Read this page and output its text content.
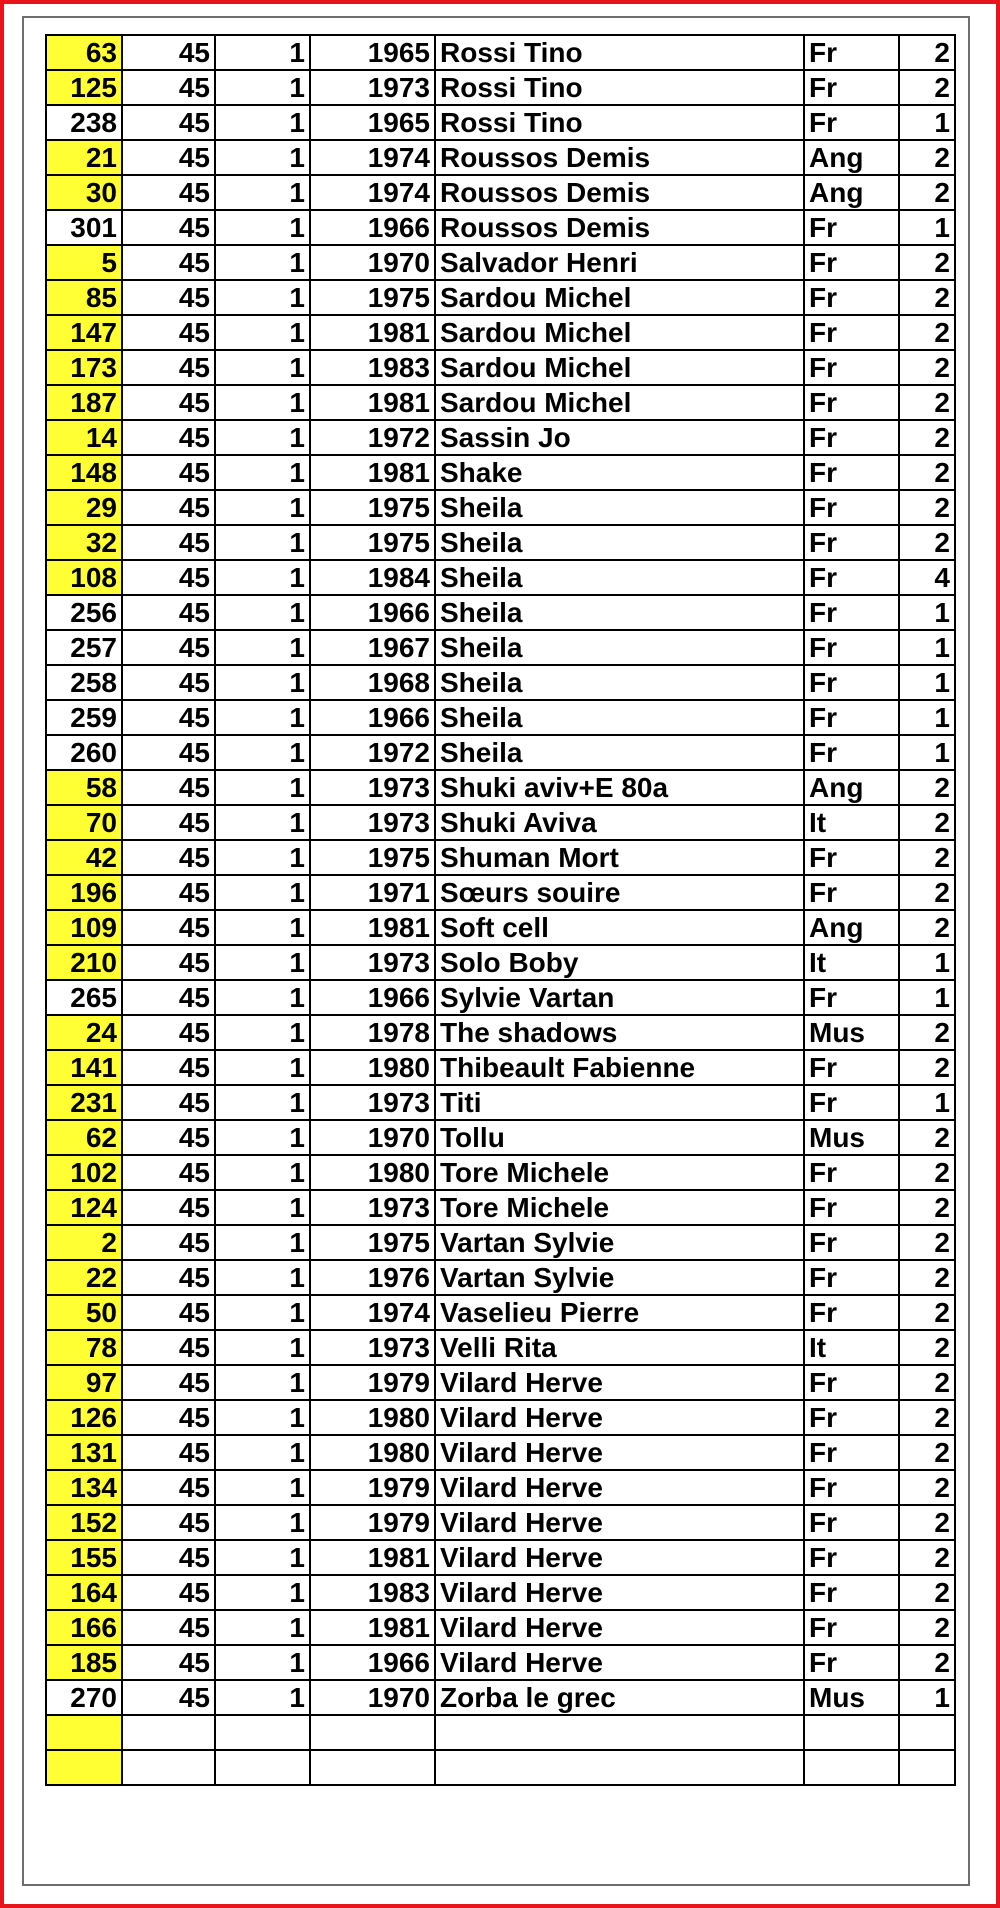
63	45	1	1965	Rossi Tino	Fr	2
125	45	1	1973	Rossi Tino	Fr	2
238	45	1	1965	Rossi Tino	Fr	1
21	45	1	1974	Roussos Demis	Ang	2
30	45	1	1974	Roussos Demis	Ang	2
301	45	1	1966	Roussos Demis	Fr	1
5	45	1	1970	Salvador Henri	Fr	2
85	45	1	1975	Sardou Michel	Fr	2
147	45	1	1981	Sardou Michel	Fr	2
173	45	1	1983	Sardou Michel	Fr	2
187	45	1	1981	Sardou Michel	Fr	2
14	45	1	1972	Sassin Jo	Fr	2
148	45	1	1981	Shake	Fr	2
29	45	1	1975	Sheila	Fr	2
32	45	1	1975	Sheila	Fr	2
108	45	1	1984	Sheila	Fr	4
256	45	1	1966	Sheila	Fr	1
257	45	1	1967	Sheila	Fr	1
258	45	1	1968	Sheila	Fr	1
259	45	1	1966	Sheila	Fr	1
260	45	1	1972	Sheila	Fr	1
58	45	1	1973	Shuki aviv+E 80a	Ang	2
70	45	1	1973	Shuki Aviva	It	2
42	45	1	1975	Shuman Mort	Fr	2
196	45	1	1971	Sœurs souire	Fr	2
109	45	1	1981	Soft cell	Ang	2
210	45	1	1973	Solo Boby	It	1
265	45	1	1966	Sylvie Vartan	Fr	1
24	45	1	1978	The shadows	Mus	2
141	45	1	1980	Thibeault Fabienne	Fr	2
231	45	1	1973	Titi	Fr	1
62	45	1	1970	Tollu	Mus	2
102	45	1	1980	Tore Michele	Fr	2
124	45	1	1973	Tore Michele	Fr	2
2	45	1	1975	Vartan Sylvie	Fr	2
22	45	1	1976	Vartan Sylvie	Fr	2
50	45	1	1974	Vaselieu Pierre	Fr	2
78	45	1	1973	Velli Rita	It	2
97	45	1	1979	Vilard Herve	Fr	2
126	45	1	1980	Vilard Herve	Fr	2
131	45	1	1980	Vilard Herve	Fr	2
134	45	1	1979	Vilard Herve	Fr	2
152	45	1	1979	Vilard Herve	Fr	2
155	45	1	1981	Vilard Herve	Fr	2
164	45	1	1983	Vilard Herve	Fr	2
166	45	1	1981	Vilard Herve	Fr	2
185	45	1	1966	Vilard Herve	Fr	2
270	45	1	1970	Zorba le grec	Mus	1
